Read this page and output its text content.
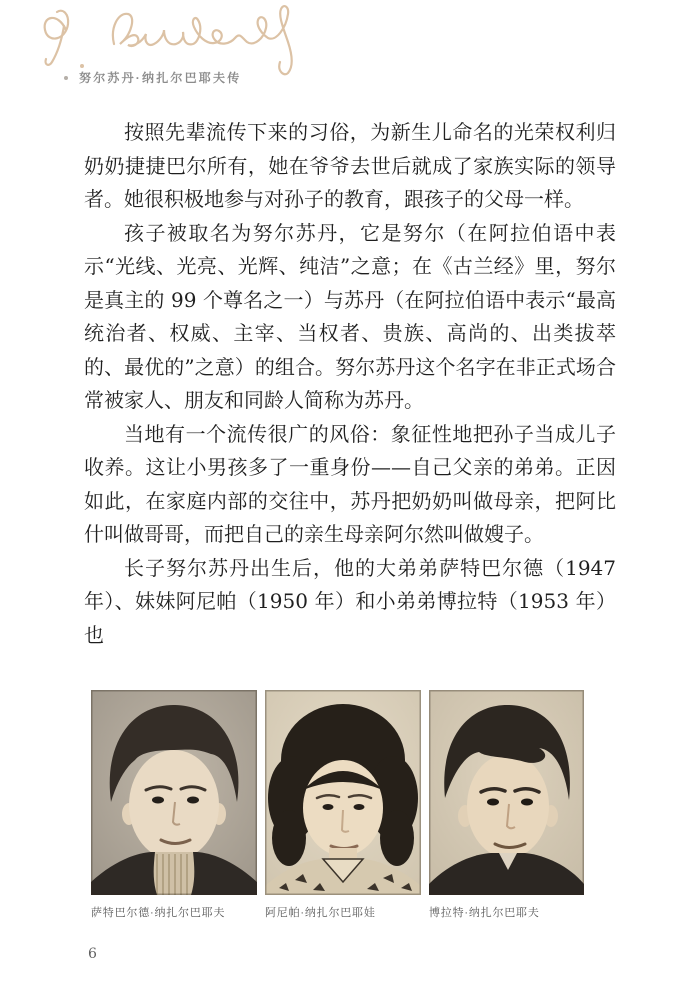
努尔苏丹·纳扎尔巴耶夫传

按照先辈流传下来的习俗，为新生儿命名的光荣权利归奶奶捷捷巴尔所有，她在爷爷去世后就成了家族实际的领导者。她很积极地参与对孙子的教育，跟孩子的父母一样。

孩子被取名为努尔苏丹，它是努尔（在阿拉伯语中表示“光线、光亮、光辉、纯洁”之意；在《古兰经》里，努尔是真主的 99 个尊名之一）与苏丹（在阿拉伯语中表示“最高统治者、权威、主宰、当权者、贵族、高尚的、出类拔萃的、最优的”之意）的组合。努尔苏丹这个名字在非正式场合常被家人、朋友和同龄人简称为苏丹。

当地有一个流传很广的风俗：象征性地把孙子当成儿子收养。这让小男孩多了一重身份——自己父亲的弟弟。正因如此，在家庭内部的交往中，苏丹把奶奶叫做母亲，把阿比什叫做哥哥，而把自己的亲生母亲阿尔然叫做嫂子。

长子努尔苏丹出生后，他的大弟弟萨特巴尔德（1947 年）、妹妹阿尼帕（1950 年）和小弟弟博拉特（1953 年）也

萨特巴尔德·纳扎尔巴耶夫	阿尼帕·纳扎尔巴耶娃	博拉特·纳扎尔巴耶夫
6
